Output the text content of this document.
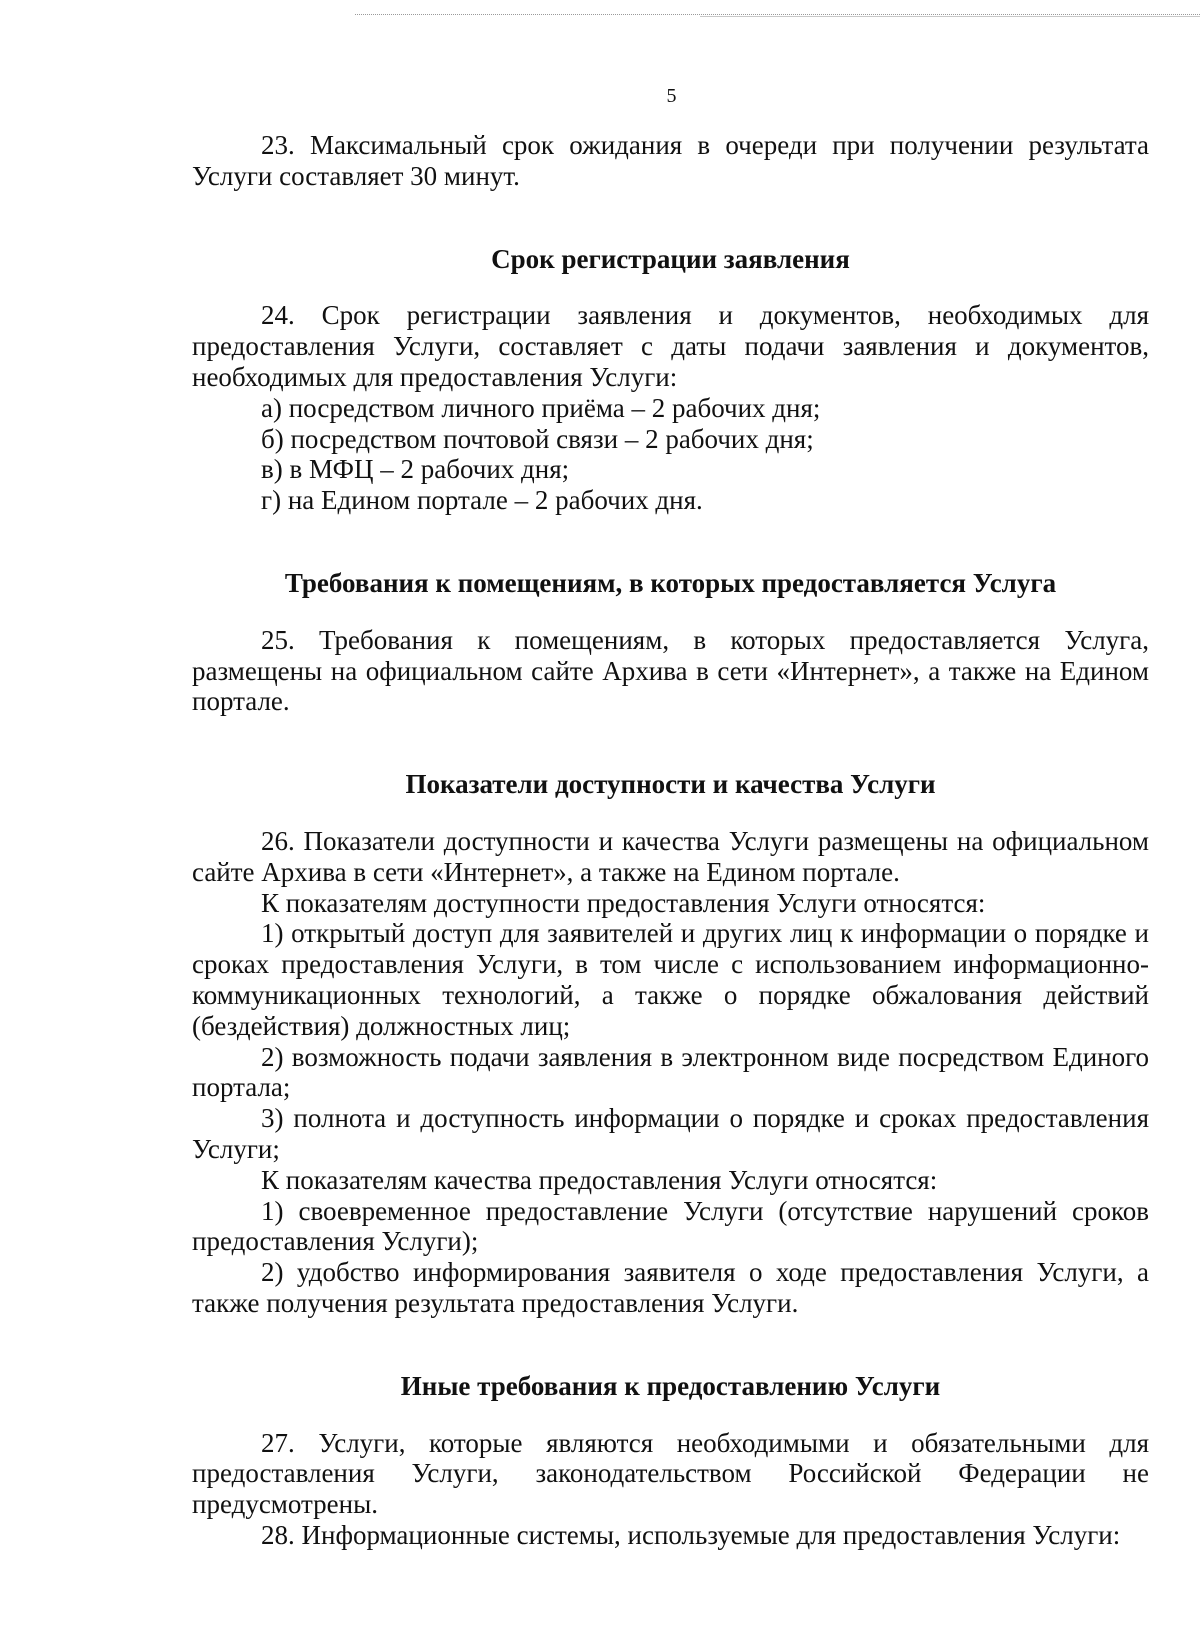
5

23. Максимальный срок ожидания в очереди при получении результата Услуги составляет 30 минут.

Срок регистрации заявления

24. Срок регистрации заявления и документов, необходимых для предоставления Услуги, составляет с даты подачи заявления и документов, необходимых для предоставления Услуги:

а) посредством личного приёма – 2 рабочих дня;

б) посредством почтовой связи – 2 рабочих дня;

в) в МФЦ – 2 рабочих дня;

г) на Едином портале – 2 рабочих дня.

Требования к помещениям, в которых предоставляется Услуга

25. Требования к помещениям, в которых предоставляется Услуга, размещены на официальном сайте Архива в сети «Интернет», а также на Едином портале.

Показатели доступности и качества Услуги

26. Показатели доступности и качества Услуги размещены на официальном сайте Архива в сети «Интернет», а также на Едином портале.

К показателям доступности предоставления Услуги относятся:

1) открытый доступ для заявителей и других лиц к информации о порядке и сроках предоставления Услуги, в том числе с использованием информационно-коммуникационных технологий, а также о порядке обжалования действий (бездействия) должностных лиц;

2) возможность подачи заявления в электронном виде посредством Единого портала;

3) полнота и доступность информации о порядке и сроках предоставления Услуги;

К показателям качества предоставления Услуги относятся:

1) своевременное предоставление Услуги (отсутствие нарушений сроков предоставления Услуги);

2) удобство информирования заявителя о ходе предоставления Услуги, а также получения результата предоставления Услуги.

Иные требования к предоставлению Услуги

27. Услуги, которые являются необходимыми и обязательными для предоставления Услуги, законодательством Российской Федерации не предусмотрены.

28. Информационные системы, используемые для предоставления Услуги:
